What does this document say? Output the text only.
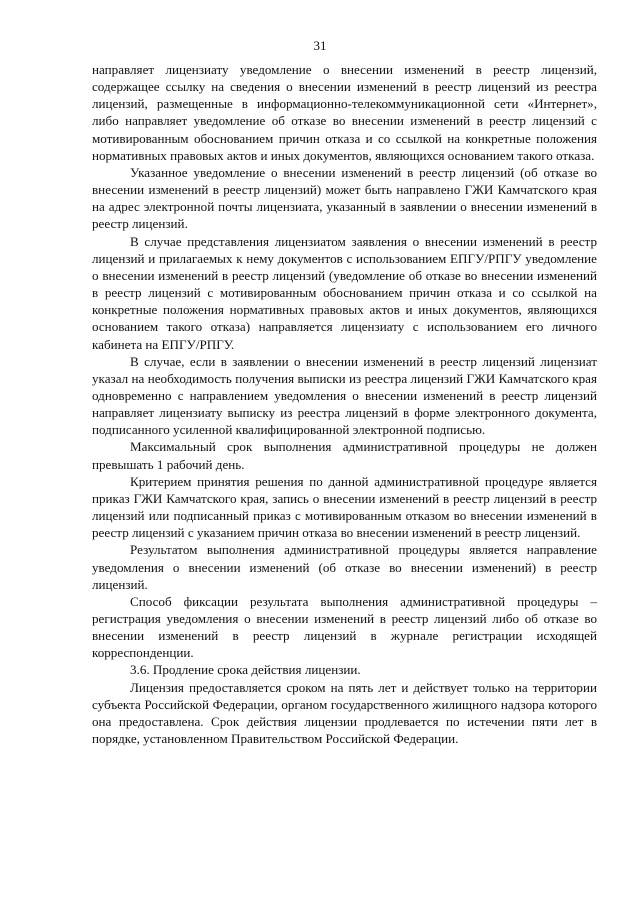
31

направляет лицензиату уведомление о внесении изменений в реестр лицензий, содержащее ссылку на сведения о внесении изменений в реестр лицензий из реестра лицензий, размещенные в информационно-телекоммуникационной сети «Интернет», либо направляет уведомление об отказе во внесении изменений в реестр лицензий с мотивированным обоснованием причин отказа и со ссылкой на конкретные положения нормативных правовых актов и иных документов, являющихся основанием такого отказа.

Указанное уведомление о внесении изменений в реестр лицензий (об отказе во внесении изменений в реестр лицензий) может быть направлено ГЖИ Камчатского края на адрес электронной почты лицензиата, указанный в заявлении о внесении изменений в реестр лицензий.

В случае представления лицензиатом заявления о внесении изменений в реестр лицензий и прилагаемых к нему документов с использованием ЕПГУ/РПГУ уведомление о внесении изменений в реестр лицензий (уведомление об отказе во внесении изменений в реестр лицензий с мотивированным обоснованием причин отказа и со ссылкой на конкретные положения нормативных правовых актов и иных документов, являющихся основанием такого отказа) направляется лицензиату с использованием его личного кабинета на ЕПГУ/РПГУ.

В случае, если в заявлении о внесении изменений в реестр лицензий лицензиат указал на необходимость получения выписки из реестра лицензий ГЖИ Камчатского края одновременно с направлением уведомления о внесении изменений в реестр лицензий направляет лицензиату выписку из реестра лицензий в форме электронного документа, подписанного усиленной квалифицированной электронной подписью.

Максимальный срок выполнения административной процедуры не должен превышать 1 рабочий день.

Критерием принятия решения по данной административной процедуре является приказ ГЖИ Камчатского края, запись о внесении изменений в реестр лицензий в реестр лицензий или подписанный приказ с мотивированным отказом во внесении изменений в реестр лицензий с указанием причин отказа во внесении изменений в реестр лицензий.

Результатом выполнения административной процедуры является направление уведомления о внесении изменений (об отказе во внесении изменений) в реестр лицензий.

Способ фиксации результата выполнения административной процедуры – регистрация уведомления о внесении изменений в реестр лицензий либо об отказе во внесении изменений в реестр лицензий в журнале регистрации исходящей корреспонденции.

3.6. Продление срока действия лицензии.

Лицензия предоставляется сроком на пять лет и действует только на территории субъекта Российской Федерации, органом государственного жилищного надзора которого она предоставлена. Срок действия лицензии продлевается по истечении пяти лет в порядке, установленном Правительством Российской Федерации.
